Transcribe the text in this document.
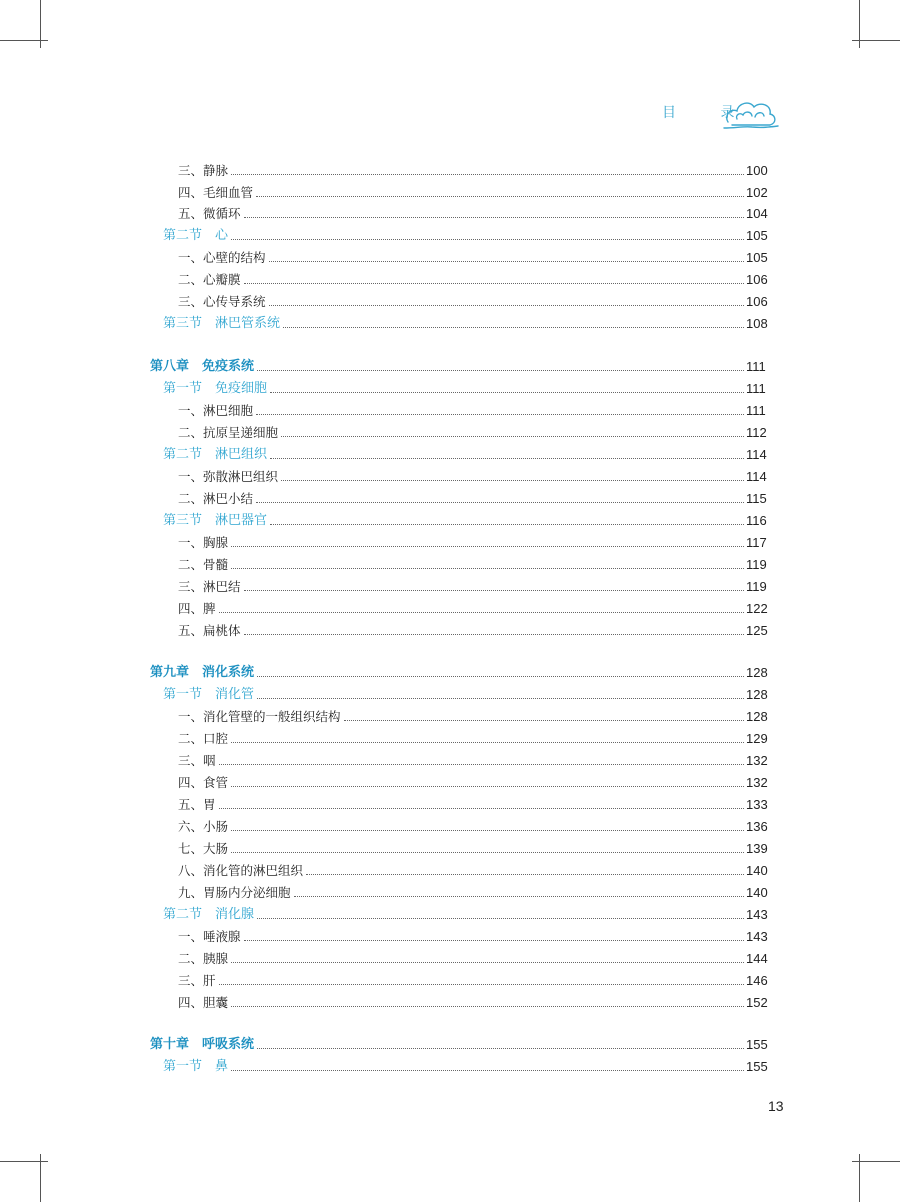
目 录
三、静脉	100
四、毛细血管	102
五、微循环	104
第二节　心	105
一、心壁的结构	105
二、心瓣膜	106
三、心传导系统	106
第三节　淋巴管系统	108
第八章　免疫系统	111
第一节　免疫细胞	111
一、淋巴细胞	111
二、抗原呈递细胞	112
第二节　淋巴组织	114
一、弥散淋巴组织	114
二、淋巴小结	115
第三节　淋巴器官	116
一、胸腺	117
二、骨髓	119
三、淋巴结	119
四、脾	122
五、扁桃体	125
第九章　消化系统	128
第一节　消化管	128
一、消化管壁的一般组织结构	128
二、口腔	129
三、咽	132
四、食管	132
五、胃	133
六、小肠	136
七、大肠	139
八、消化管的淋巴组织	140
九、胃肠内分泌细胞	140
第二节　消化腺	143
一、唾液腺	143
二、胰腺	144
三、肝	146
四、胆囊	152
第十章　呼吸系统	155
第一节　鼻	155
13
